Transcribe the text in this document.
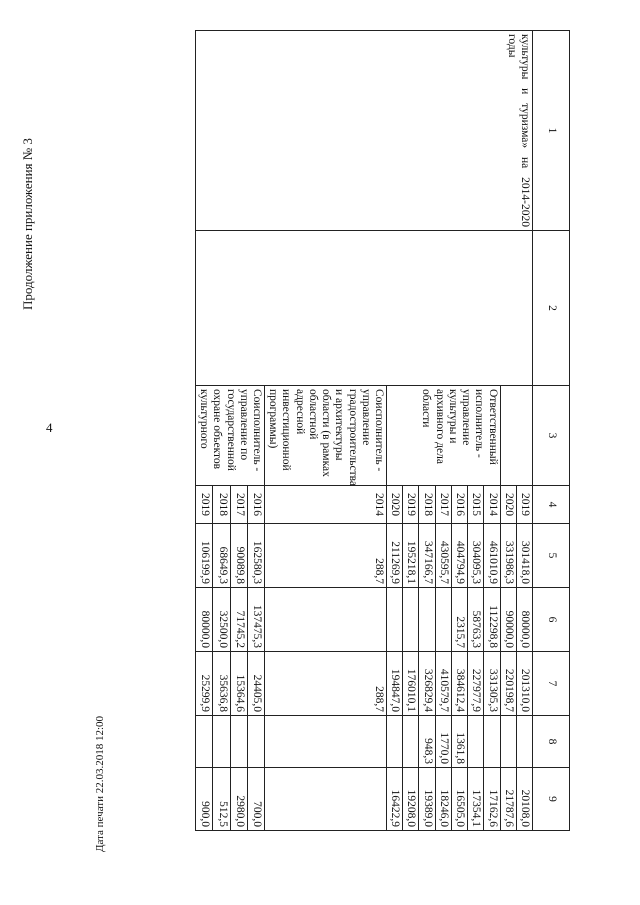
4
Продолжение приложения № 3
Дата печати 22.03.2018 12:00
1	2	3	4	5	6	7	8	9
культуры и туризма» на 2014-2020 годы			2019	301418,0	80000,0	201310,0		20108,0
			2020	331986,3	90000,0	220198,7		21787,6
		Ответственный исполнитель - управление культуры и архивного дела области	2014	461010,9	112298,8	331305,3		17162,6
			2015	304095,3	58763,3	227977,9		17354,1
			2016	404794,9	2315,7	384612,4	1361,8	16505,0
			2017	430595,7		410579,7	1770,0	18246,0
			2018	347166,7		326829,4	948,3	19389,0
			2019	195218,1		176010,1		19208,0
			2020	211269,9		194847,0		16422,9
		Соисполнитель - управление градостроительства и архитектуры области (в рамках областной адресной инвестиционной программы)	2014	288,7		288,7		
		Соисполнитель - управление по государственной охране объектов культурного	2016	162580,3	137475,3	24405,0		700,0
			2017	90089,8	71745,2	15364,6		2980,0
			2018	68649,3	32500,0	35636,8		512,5
			2019	106199,9	80000,0	25299,9		900,0
